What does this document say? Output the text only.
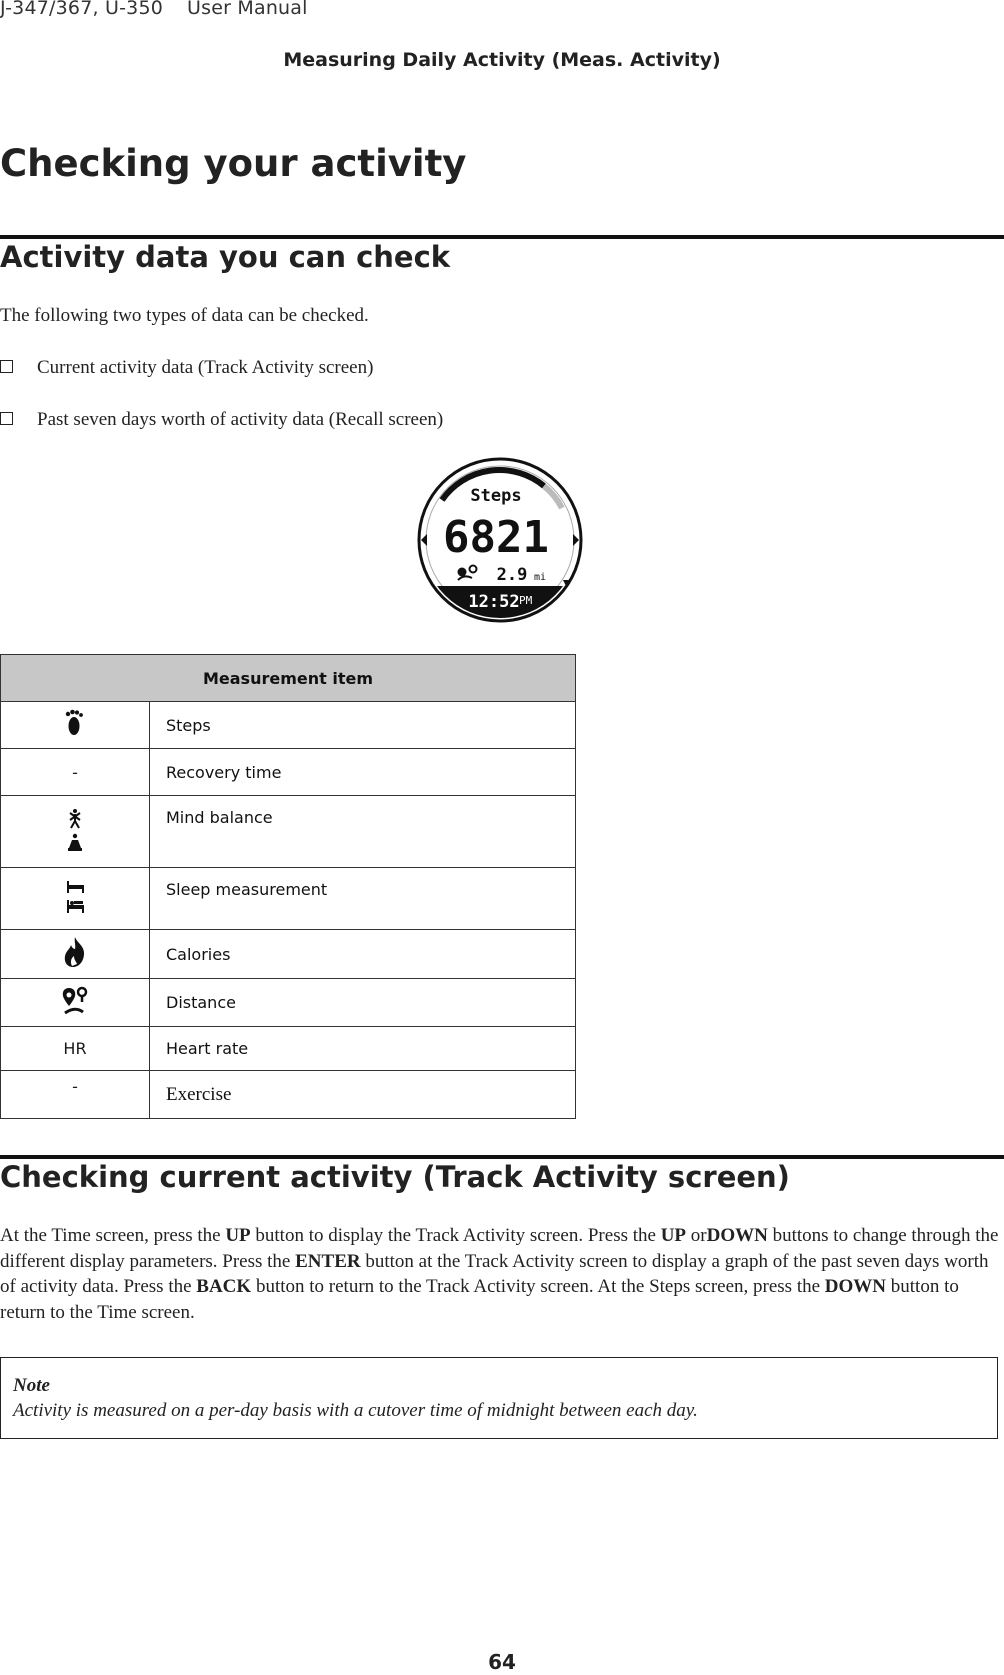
J-347/367, U-350 User Manual
Measuring Daily Activity (Meas. Activity)
Checking your activity
Activity data you can check
The following two types of data can be checked.
Current activity data (Track Activity screen)
Past seven days worth of activity data (Recall screen)
Steps
6821
2.9 mi
12:52 PM
Measurement item	
	Steps
-	Recovery time
	Mind balance
	Sleep measurement
	Calories
	Distance
HR	Heart rate
-	Exercise
Checking current activity (Track Activity screen)
At the Time screen, press the UP button to display the Track Activity screen. Press the UP orDOWN buttons to change through the different display parameters. Press the ENTER button at the Track Activity screen to display a graph of the past seven days worth of activity data. Press the BACK button to return to the Track Activity screen. At the Steps screen, press the DOWN button to return to the Time screen.
Note
Activity is measured on a per-day basis with a cutover time of midnight between each day.
64
